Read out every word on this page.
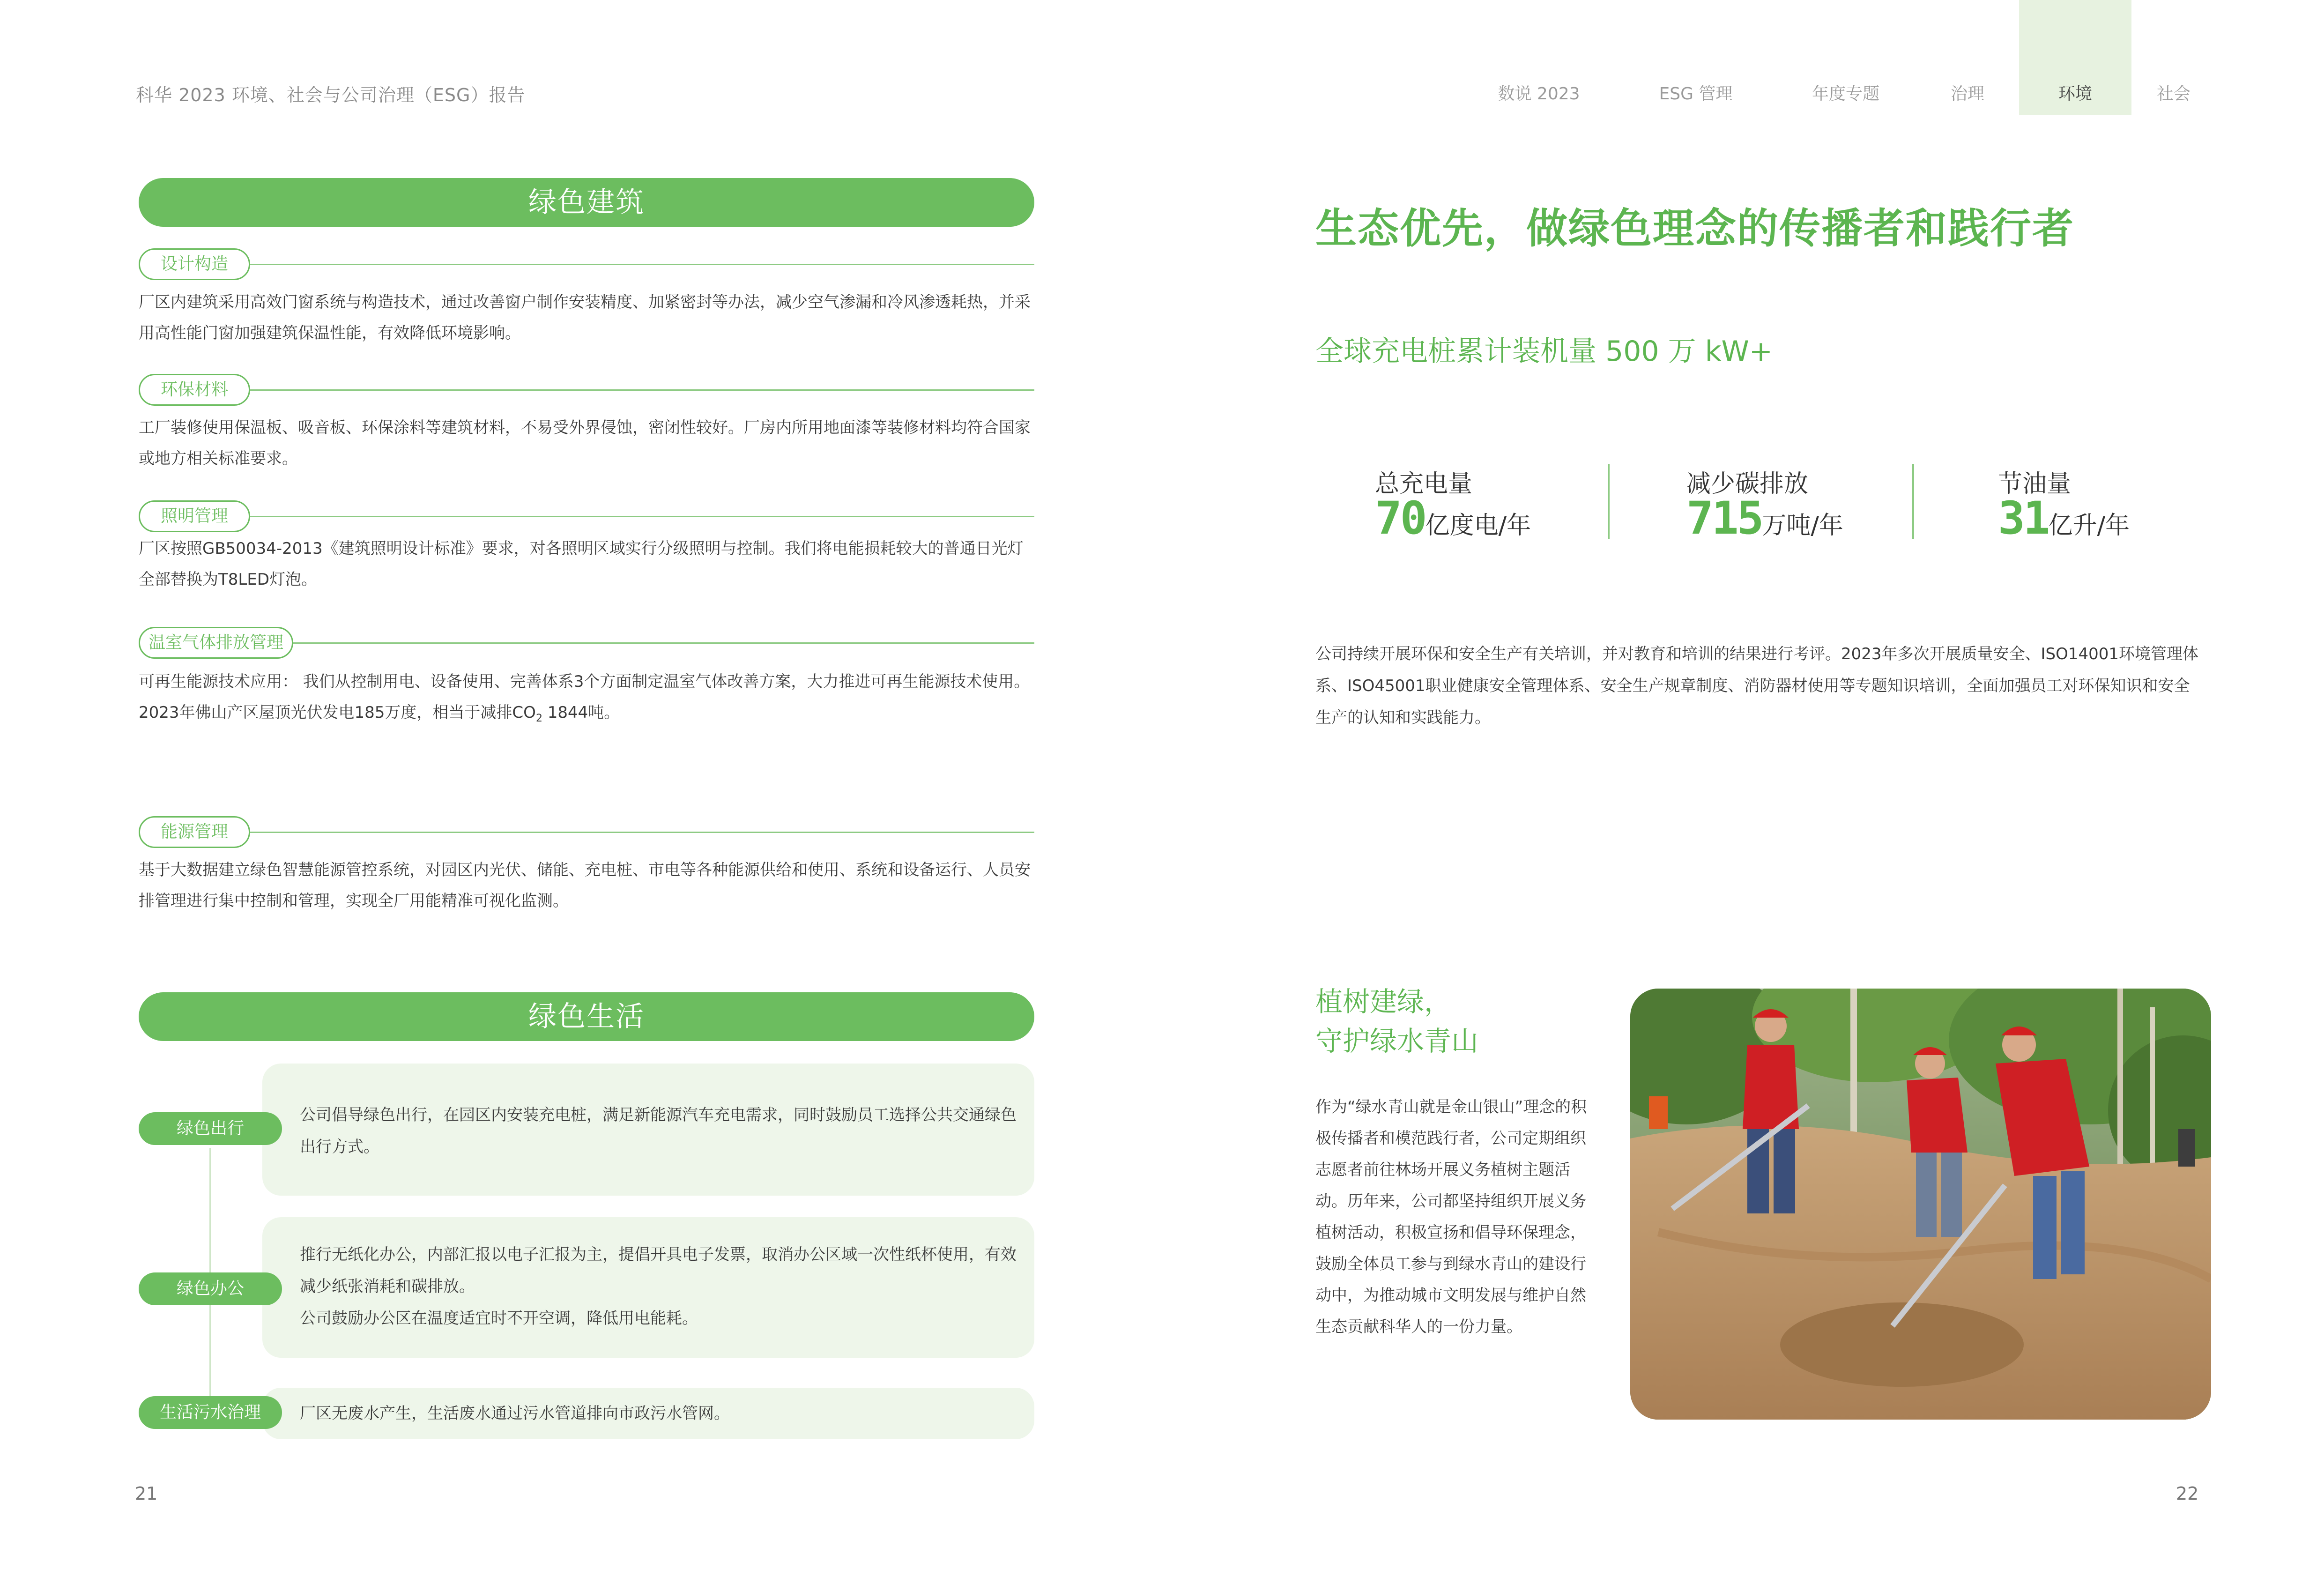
科华 2023 环境、社会与公司治理（ESG）报告	数说 2023	ESG 管理	年度专题	治理	环境	社会
绿色建筑
设计构造
厂区内建筑采用高效门窗系统与构造技术，通过改善窗户制作安装精度、加紧密封等办法，减少空气渗漏和冷风渗透耗热，并采用高性能门窗加强建筑保温性能，有效降低环境影响。
环保材料
工厂装修使用保温板、吸音板、环保涂料等建筑材料，不易受外界侵蚀，密闭性较好。厂房内所用地面漆等装修材料均符合国家或地方相关标准要求。
照明管理
厂区按照GB50034-2013《建筑照明设计标准》要求，对各照明区域实行分级照明与控制。我们将电能损耗较大的普通日光灯全部替换为T8LED灯泡。
温室气体排放管理
可再生能源技术应用： 我们从控制用电、设备使用、完善体系3个方面制定温室气体改善方案，大力推进可再生能源技术使用。2023年佛山产区屋顶光伏发电185万度，相当于减排$CO_2$ 1844吨。
能源管理
基于大数据建立绿色智慧能源管控系统，对园区内光伏、储能、充电桩、市电等各种能源供给和使用、系统和设备运行、人员安排管理进行集中控制和管理，实现全厂用能精准可视化监测。
绿色生活
公司倡导绿色出行，在园区内安装充电桩，满足新能源汽车充电需求，同时鼓励员工选择公共交通绿色出行方式。
绿色出行
推行无纸化办公，内部汇报以电子汇报为主，提倡开具电子发票，取消办公区域一次性纸杯使用，有效减少纸张消耗和碳排放。
公司鼓励办公区在温度适宜时不开空调，降低用电能耗。
绿色办公
厂区无废水产生，生活废水通过污水管道排向市政污水管网。
生活污水治理
21
生态优先，做绿色理念的传播者和践行者
全球充电桩累计装机量 500 万 kW+
总充电量
70亿度电/年
减少碳排放
715万吨/年
节油量
31亿升/年
公司持续开展环保和安全生产有关培训，并对教育和培训的结果进行考评。2023年多次开展质量安全、ISO14001环境管理体系、ISO45001职业健康安全管理体系、安全生产规章制度、消防器材使用等专题知识培训，全面加强员工对环保知识和安全生产的认知和实践能力。
植树建绿，
守护绿水青山
作为“绿水青山就是金山银山”理念的积极传播者和模范践行者，公司定期组织志愿者前往林场开展义务植树主题活动。历年来，公司都坚持组织开展义务植树活动，积极宣扬和倡导环保理念，鼓励全体员工参与到绿水青山的建设行动中，为推动城市文明发展与维护自然生态贡献科华人的一份力量。
22
